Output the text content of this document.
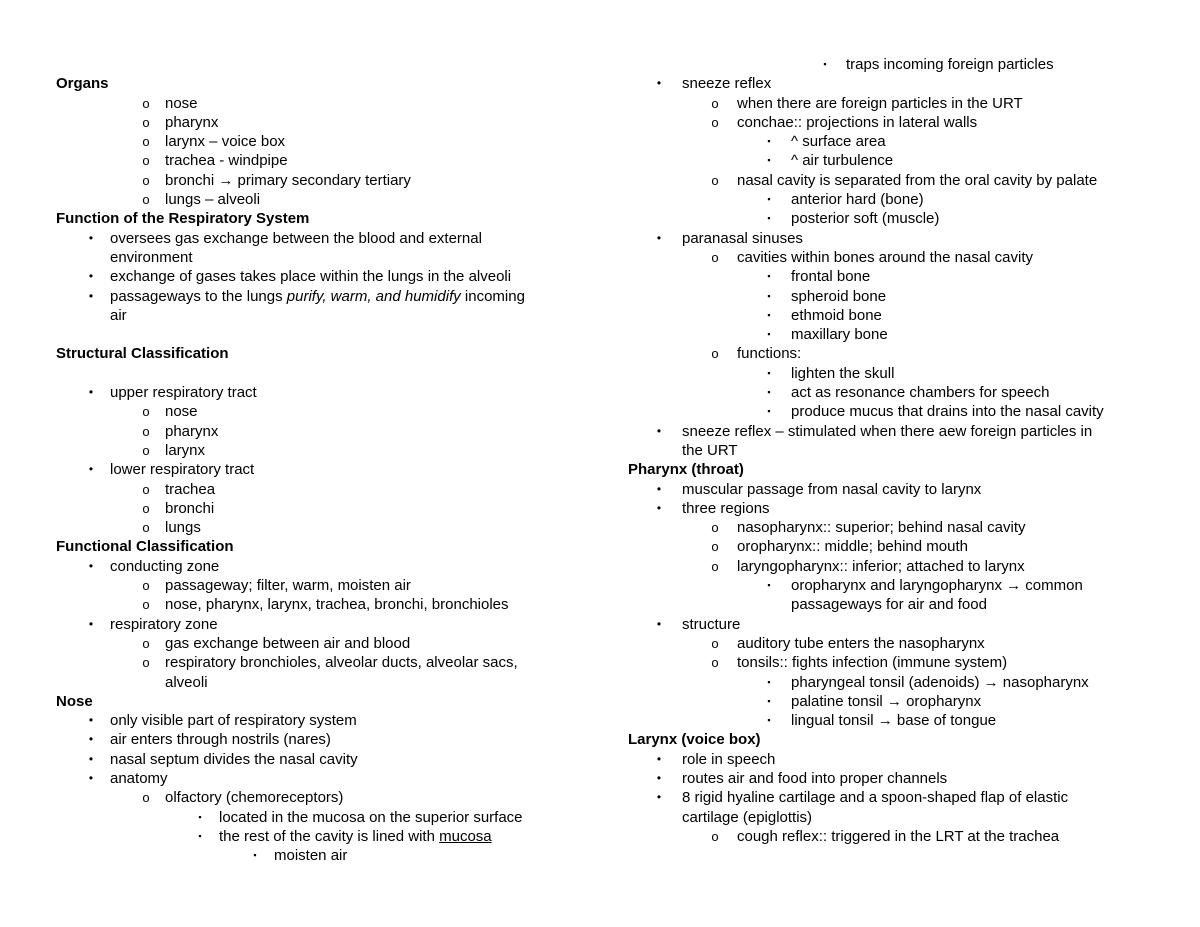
Organs
o nose
o pharynx
o larynx – voice box
o trachea - windpipe
o bronchi → primary secondary tertiary
o lungs – alveoli
Function of the Respiratory System
•	oversees gas exchange between the blood and external
environment
•	exchange of gases takes place within the lungs in the alveoli
•	passageways to the lungs purify, warm, and humidify incoming
air
Structural Classification
•	upper respiratory tract
o nose
o pharynx
o larynx
•	lower respiratory tract
o trachea
o bronchi
o lungs
Functional Classification
•	conducting zone
o passageway; filter, warm, moisten air
o nose, pharynx, larynx, trachea, bronchi, bronchioles
•	respiratory zone
o gas exchange between air and blood
o respiratory bronchioles, alveolar ducts, alveolar sacs,
alveoli
Nose
•	only visible part of respiratory system
•	air enters through nostrils (nares)
•	nasal septum divides the nasal cavity
•	anatomy
o olfactory (chemoreceptors)
▪	located in the mucosa on the superior surface
▪	the rest of the cavity is lined with mucosa
▪	moisten air
▪	traps incoming foreign particles
•	sneeze reflex
o when there are foreign particles in the URT
o conchae:: projections in lateral walls
▪	^ surface area
▪	^ air turbulence
o nasal cavity is separated from the oral cavity by palate
▪	anterior hard (bone)
▪	posterior soft (muscle)
•	paranasal sinuses
o cavities within bones around the nasal cavity
▪	frontal bone
▪	spheroid bone
▪	ethmoid bone
▪	maxillary bone
o functions:
▪	lighten the skull
▪	act as resonance chambers for speech
▪	produce mucus that drains into the nasal cavity
•	sneeze reflex – stimulated when there aew foreign particles in
the URT
Pharynx (throat)
•	muscular passage from nasal cavity to larynx
•	three regions
o nasopharynx:: superior; behind nasal cavity
o oropharynx:: middle; behind mouth
o laryngopharynx:: inferior; attached to larynx
▪	oropharynx and laryngopharynx → common
passageways for air and food
•	structure
o auditory tube enters the nasopharynx
o tonsils:: fights infection (immune system)
▪	pharyngeal tonsil (adenoids) → nasopharynx
▪	palatine tonsil → oropharynx
▪	lingual tonsil → base of tongue
Larynx (voice box)
•	role in speech
•	routes air and food into proper channels
•	8 rigid hyaline cartilage and a spoon-shaped flap of elastic
cartilage (epiglottis)
o cough reflex:: triggered in the LRT at the trachea
